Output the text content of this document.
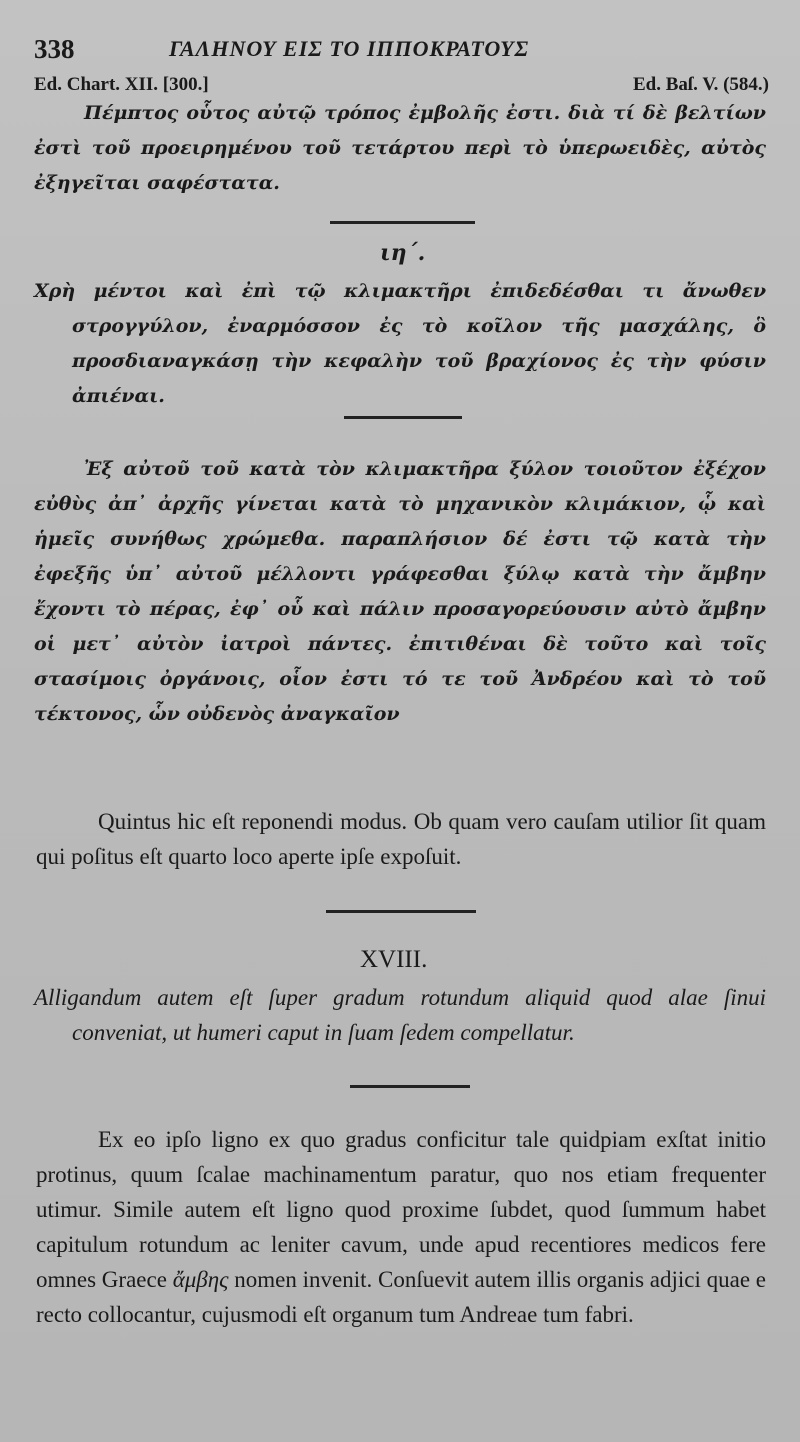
338	ΓΑΛΗΝΟΥ ΕΙΣ ΤΟ ΙΠΠΟΚΡΑΤΟΥΣ
Ed. Chart. XII. [300.]	Ed. Baſ. V. (584.)

Πέμπτος οὗτος αὐτῷ τρόπος ἐμβολῆς ἐστι. διὰ τί δὲ βελτίων ἐστὶ τοῦ προειρημένου τοῦ τετάρτου περὶ τὸ ὑπερωειδὲς, αὐτὸς ἐξηγεῖται σαφέστατα.

ιη΄.

Χρὴ μέντοι καὶ ἐπὶ τῷ κλιμακτῆρι ἐπιδεδέσθαι τι ἄνωθεν στρογγύλον, ἐναρμόσσον ἐς τὸ κοῖλον τῆς μασχάλης, ὃ προσδιαναγκάσῃ τὴν κεφαλὴν τοῦ βραχίονος ἐς τὴν φύσιν ἀπιέναι.

Ἐξ αὐτοῦ τοῦ κατὰ τὸν κλιμακτῆρα ξύλον τοιοῦτον ἐξέχον εὐθὺς ἀπ᾽ ἀρχῆς γίνεται κατὰ τὸ μηχανικὸν κλιμάκιον, ᾧ καὶ ἡμεῖς συνήθως χρώμεθα. παραπλήσιον δέ ἐστι τῷ κατὰ τὴν ἐφεξῆς ὑπ᾽ αὐτοῦ μέλλοντι γράφεσθαι ξύλῳ κατὰ τὴν ἄμβην ἔχοντι τὸ πέρας, ἐφ᾽ οὗ καὶ πάλιν προσαγορεύουσιν αὐτὸ ἄμβην οἱ μετ᾽ αὐτὸν ἰατροὶ πάντες. ἐπιτιθέναι δὲ τοῦτο καὶ τοῖς στασίμοις ὀργάνοις, οἷον ἐστι τό τε τοῦ Ἀνδρέου καὶ τὸ τοῦ τέκτονος, ὧν οὐδενὸς ἀναγκαῖον

Quintus hic eſt reponendi modus. Ob quam vero cauſam utilior ſit quam qui poſitus eſt quarto loco aperte ipſe expoſuit.

XVIII.

Alligandum autem eſt ſuper gradum rotundum aliquid quod alae ſinui conveniat, ut humeri caput in ſuam ſedem compellatur.

Ex eo ipſo ligno ex quo gradus conficitur tale quidpiam exſtat initio protinus, quum ſcalae machinamentum paratur, quo nos etiam frequenter utimur. Simile autem eſt ligno quod proxime ſubdet, quod ſummum habet capitulum rotundum ac leniter cavum, unde apud recentiores medicos fere omnes Graece ἄμβης nomen invenit. Conſuevit autem illis organis adjici quae e recto collocantur, cujusmodi eſt organum tum Andreae tum fabri.
